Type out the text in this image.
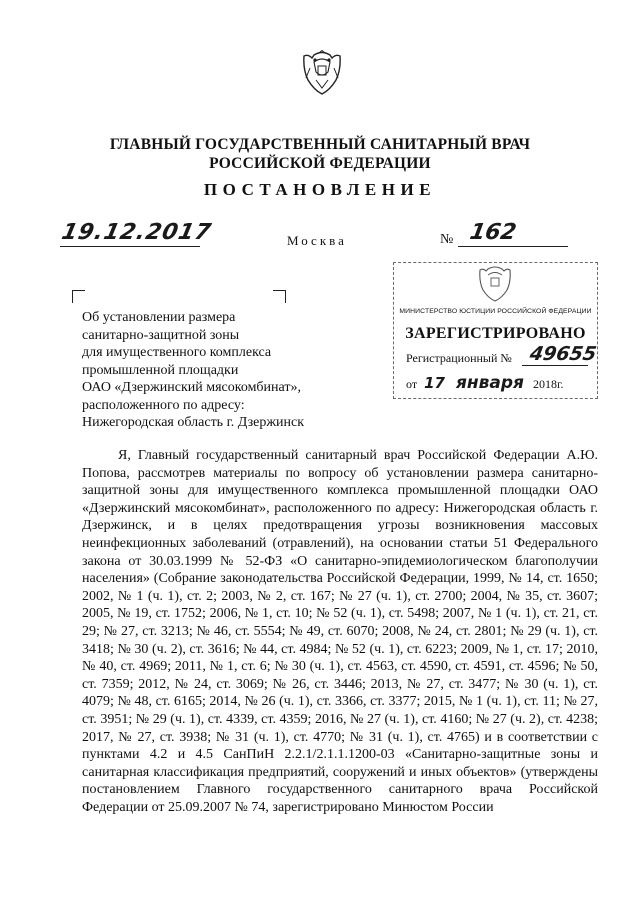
ГЛАВНЫЙ ГОСУДАРСТВЕННЫЙ САНИТАРНЫЙ ВРАЧ
РОССИЙСКОЙ ФЕДЕРАЦИИ
ПОСТАНОВЛЕНИЕ
19.12.2017	Москва	№ 162
Об установлении размера
санитарно-защитной зоны
для имущественного комплекса
промышленной площадки
ОАО «Дзержинский мясокомбинат»,
расположенного по адресу:
Нижегородская область г. Дзержинск
МИНИСТЕРСТВО ЮСТИЦИИ РОССИЙСКОЙ ФЕДЕРАЦИИ
ЗАРЕГИСТРИРОВАНО
Регистрационный № 49655
от 17 января 2018г.

Я, Главный государственный санитарный врач Российской Федерации А.Ю. Попова, рассмотрев материалы по вопросу об установлении размера санитарно-защитной зоны для имущественного комплекса промышленной площадки ОАО «Дзержинский мясокомбинат», расположенного по адресу: Нижегородская область г. Дзержинск, и в целях предотвращения угрозы возникновения массовых неинфекционных заболеваний (отравлений), на основании статьи 51 Федерального закона от 30.03.1999 № 52-ФЗ «О санитарно-эпидемиологическом благополучии населения» (Собрание законодательства Российской Федерации, 1999, № 14, ст. 1650; 2002, № 1 (ч. 1), ст. 2; 2003, № 2, ст. 167; № 27 (ч. 1), ст. 2700; 2004, № 35, ст. 3607; 2005, № 19, ст. 1752; 2006, № 1, ст. 10; № 52 (ч. 1), ст. 5498; 2007, № 1 (ч. 1), ст. 21, ст. 29; № 27, ст. 3213; № 46, ст. 5554; № 49, ст. 6070; 2008, № 24, ст. 2801; № 29 (ч. 1), ст. 3418; № 30 (ч. 2), ст. 3616; № 44, ст. 4984; № 52 (ч. 1), ст. 6223; 2009, № 1, ст. 17; 2010, № 40, ст. 4969; 2011, № 1, ст. 6; № 30 (ч. 1), ст. 4563, ст. 4590, ст. 4591, ст. 4596; № 50, ст. 7359; 2012, № 24, ст. 3069; № 26, ст. 3446; 2013, № 27, ст. 3477; № 30 (ч. 1), ст. 4079; № 48, ст. 6165; 2014, № 26 (ч. 1), ст. 3366, ст. 3377; 2015, № 1 (ч. 1), ст. 11; № 27, ст. 3951; № 29 (ч. 1), ст. 4339, ст. 4359; 2016, № 27 (ч. 1), ст. 4160; № 27 (ч. 2), ст. 4238; 2017, № 27, ст. 3938; № 31 (ч. 1), ст. 4770; № 31 (ч. 1), ст. 4765) и в соответствии с пунктами 4.2 и 4.5 СанПиН 2.2.1/2.1.1.1200-03 «Санитарно-защитные зоны и санитарная классификация предприятий, сооружений и иных объектов» (утверждены постановлением Главного государственного санитарного врача Российской Федерации от 25.09.2007 № 74, зарегистрировано Минюстом России
